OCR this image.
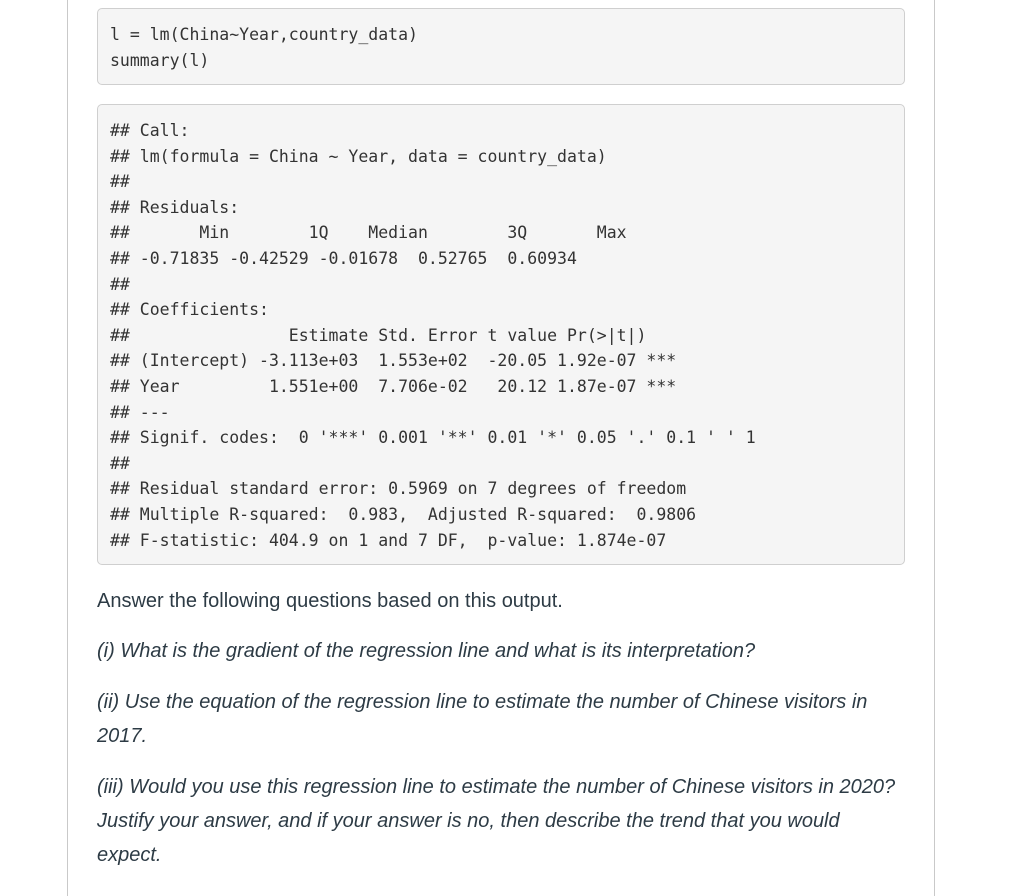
l = lm(China~Year,country_data)
summary(l)
## Call:
## lm(formula = China ~ Year, data = country_data)
##
## Residuals:
##       Min        1Q    Median        3Q       Max
## -0.71835 -0.42529 -0.01678  0.52765  0.60934
##
## Coefficients:
##                Estimate Std. Error t value Pr(>|t|)
## (Intercept) -3.113e+03  1.553e+02  -20.05 1.92e-07 ***
## Year         1.551e+00  7.706e-02   20.12 1.87e-07 ***
## ---
## Signif. codes:  0 '***' 0.001 '**' 0.01 '*' 0.05 '.' 0.1 ' ' 1
##
## Residual standard error: 0.5969 on 7 degrees of freedom
## Multiple R-squared:  0.983,  Adjusted R-squared:  0.9806
## F-statistic: 404.9 on 1 and 7 DF,  p-value: 1.874e-07

Answer the following questions based on this output.

(i) What is the gradient of the regression line and what is its interpretation?

(ii) Use the equation of the regression line to estimate the number of Chinese visitors in 2017.

(iii) Would you use this regression line to estimate the number of Chinese visitors in 2020? Justify your answer, and if your answer is no, then describe the trend that you would expect.
